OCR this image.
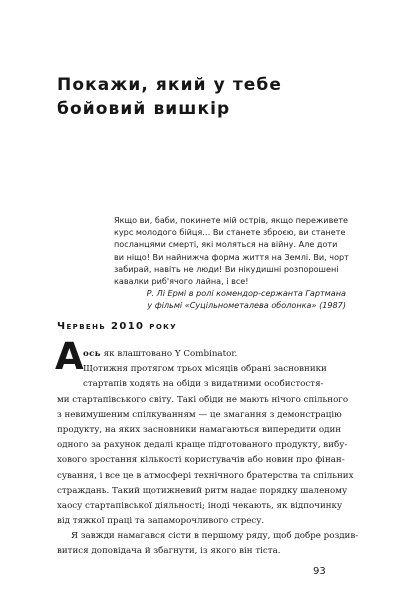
Покажи, який у тебе
бойовий вишкір

Якщо ви, баби, покинете мій острів, якщо переживете
курс молодого бійця… Ви станете зброєю, ви станете
посланцями смерті, які моляться на війну. Але доти
ви ніщо! Ви найнижча форма життя на Землі. Ви, чорт
забирай, навіть не люди! Ви нікудишні розпорошені
кавалки риб'ячого лайна, і все!

Р. Лі Ермі в ролі комендор-сержанта Гартмана
у фільмі «Суцільнометалева оболонка» (1987)

Червень 2010 року
А ось як влаштовано Y Combinator.
Щотижня протягом трьох місяців обрані засновники
стартапів ходять на обіди з видатними особистостя-
ми стартапівського світу. Такі обіди не мають нічого спільного
з невимушеним спілкуванням — це змагання з демонстрацію
продукту, на яких засновники намагаються випередити один
одного за рахунок дедалі краще підготованого продукту, вибу-
хового зростання кількості користувачів або новин про фінан-
сування, і все це в атмосфері технічного братерства та спільних
страждань. Такий щотижневий ритм надає порядку шаленому
хаосу стартапівської діяльності; іноді чекають, як відпочинку
від тяжкої праці та запаморочливого стресу.
Я завжди намагався сісти в першому ряду, щоб добре роздив-
витися доповідача й збагнути, із якого він тіста.
93
